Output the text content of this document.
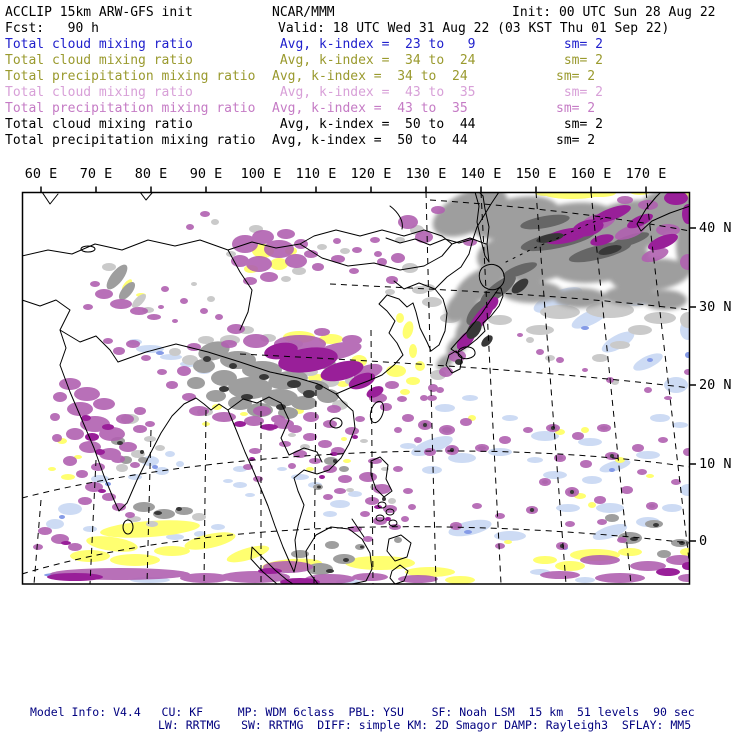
ACCLIP 15km ARW-GFS init	NCAR/MMM	Init: 00 UTC Sun 28 Aug 22
Fcst:   90 h	Valid: 18 UTC Wed 31 Aug 22 (03 KST Thu 01 Sep 22)
Total cloud mixing ratio	Avg, k-index =  23 to   9	sm= 2
Total cloud mixing ratio	Avg, k-index =  34 to  24	sm= 2
Total precipitation mixing ratio Avg, k-index =  34 to  24	sm= 2
Total cloud mixing ratio	Avg, k-index =  43 to  35	sm= 2
Total precipitation mixing ratio Avg, k-index =  43 to  35	sm= 2
Total cloud mixing ratio	Avg, k-index =  50 to  44	sm= 2
Total precipitation mixing ratio Avg, k-index =  50 to  44	sm= 2
60 E 70 E 80 E 90 E 100 E 110 E 120 E 130 E 140 E 150 E 160 E 170 E
40 N
30 N
20 N
10 N
0
Model Info: V4.4   CU: KF     MP: WDM 6class  PBL: YSU    SF: Noah LSM  15 km  51 levels  90 sec
LW: RRTMG   SW: RRTMG  DIFF: simple KM: 2D Smagor DAMP: Rayleigh3  SFLAY: MM5
